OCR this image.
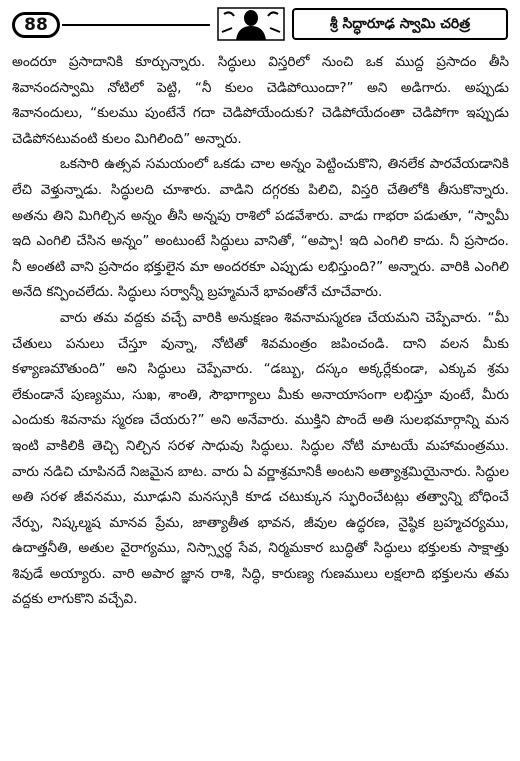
88	శ్రీ సిద్ధారూఢ స్వామి చరిత్ర

అందరూ ప్రసాదానికి కూర్చున్నారు. సిద్ధులు విస్తరిలో నుంచి ఒక ముద్ద ప్రసాదం తీసి శివానందస్వామి నోటిలో పెట్టి, “నీ కులం చెడిపోయిందా?” అని అడిగారు. అప్పుడు శివానందులు, “కులము పుంటేనే గదా చెడిపోయేందుకు? చెడిపోయేదంతా చెడిపోగా ఇప్పుడు చెడిపోనటువంటి కులం మిగిలింది” అన్నారు.

ఒకసారి ఉత్సవ సమయంలో ఒకడు చాల అన్నం పెట్టించుకొని, తినలేక పారవేయడానికి లేచి వెళ్తున్నాడు. సిద్ధులది చూశారు. వాడిని దగ్గరకు పిలిచి, విస్తరి చేతిలోకి తీసుకొన్నారు. అతను తిని మిగిల్చిన అన్నం తీసి అన్నపు రాశిలో పడవేశారు. వాడు గాభరా పడుతూ, “స్వామీ ఇది ఎంగిలి చేసిన అన్నం” అంటుంటే సిద్ధులు వానితో, “అప్పా! ఇది ఎంగిలి కాదు. నీ ప్రసాదం. నీ అంతటి వాని ప్రసాదం భక్తులైన మా అందరకూ ఎప్పుడు లభిస్తుంది?” అన్నారు. వారికి ఎంగిలి అనేది కన్పించలేదు. సిద్ధులు సర్వాన్నీ బ్రహ్మమనే భావంతోనే చూచేవారు.

వారు తమ వద్దకు వచ్చే వారికి అనుక్షణం శివనామస్మరణ చేయమని చెప్పేవారు. “మీ చేతులు పనులు చేస్తూ వున్నా, నోటితో శివమంత్రం జపించండి. దాని వలన మీకు కళ్యాణమౌతుంది” అని సిద్ధులు చెప్పేవారు. “డబ్బు, దస్కం అక్కర్లేకుండా, ఎక్కువ శ్రమ లేకుండానే పుణ్యము, సుఖ, శాంతి, సౌభాగ్యాలు మీకు అనాయాసంగా లభిస్తూ వుంటే, మీరు ఎందుకు శివనామ స్మరణ చేయరు?” అని అనేవారు. ముక్తిని పొందే అతి సులభమార్గాన్ని మన ఇంటి వాకిలికి తెచ్చి నిల్చిన సరళ సాధువు సిద్ధులు. సిద్ధుల నోటి మాటయే మహామంత్రము. వారు నడిచి చూపినదే నిజమైన బాట. వారు ఏ వర్ణాశ్రమానికీ అంటని అత్యాశ్రమియైనారు. సిద్ధుల అతి సరళ జీవనము, మూఢుని మనస్సుకి కూడ చటుక్కున స్ఫురించేటట్లు తత్వాన్ని బోధించే నేర్పు, నిష్కల్మష మానవ ప్రేమ, జాత్యాతీత భావన, జీవుల ఉద్ధరణ, నైష్ఠిక బ్రహ్మచర్యము, ఉదాత్తనీతి, అతుల వైరాగ్యము, నిస్స్వార్థ సేవ, నిర్మమకార బుద్ధితో సిద్ధులు భక్తులకు సాక్షాత్తు శివుడే అయ్యారు. వారి అపార జ్ఞాన రాశి, సిద్ధి, కారుణ్య గుణములు లక్షలాది భక్తులను తమ వద్దకు లాగుకొని వచ్చేవి.
